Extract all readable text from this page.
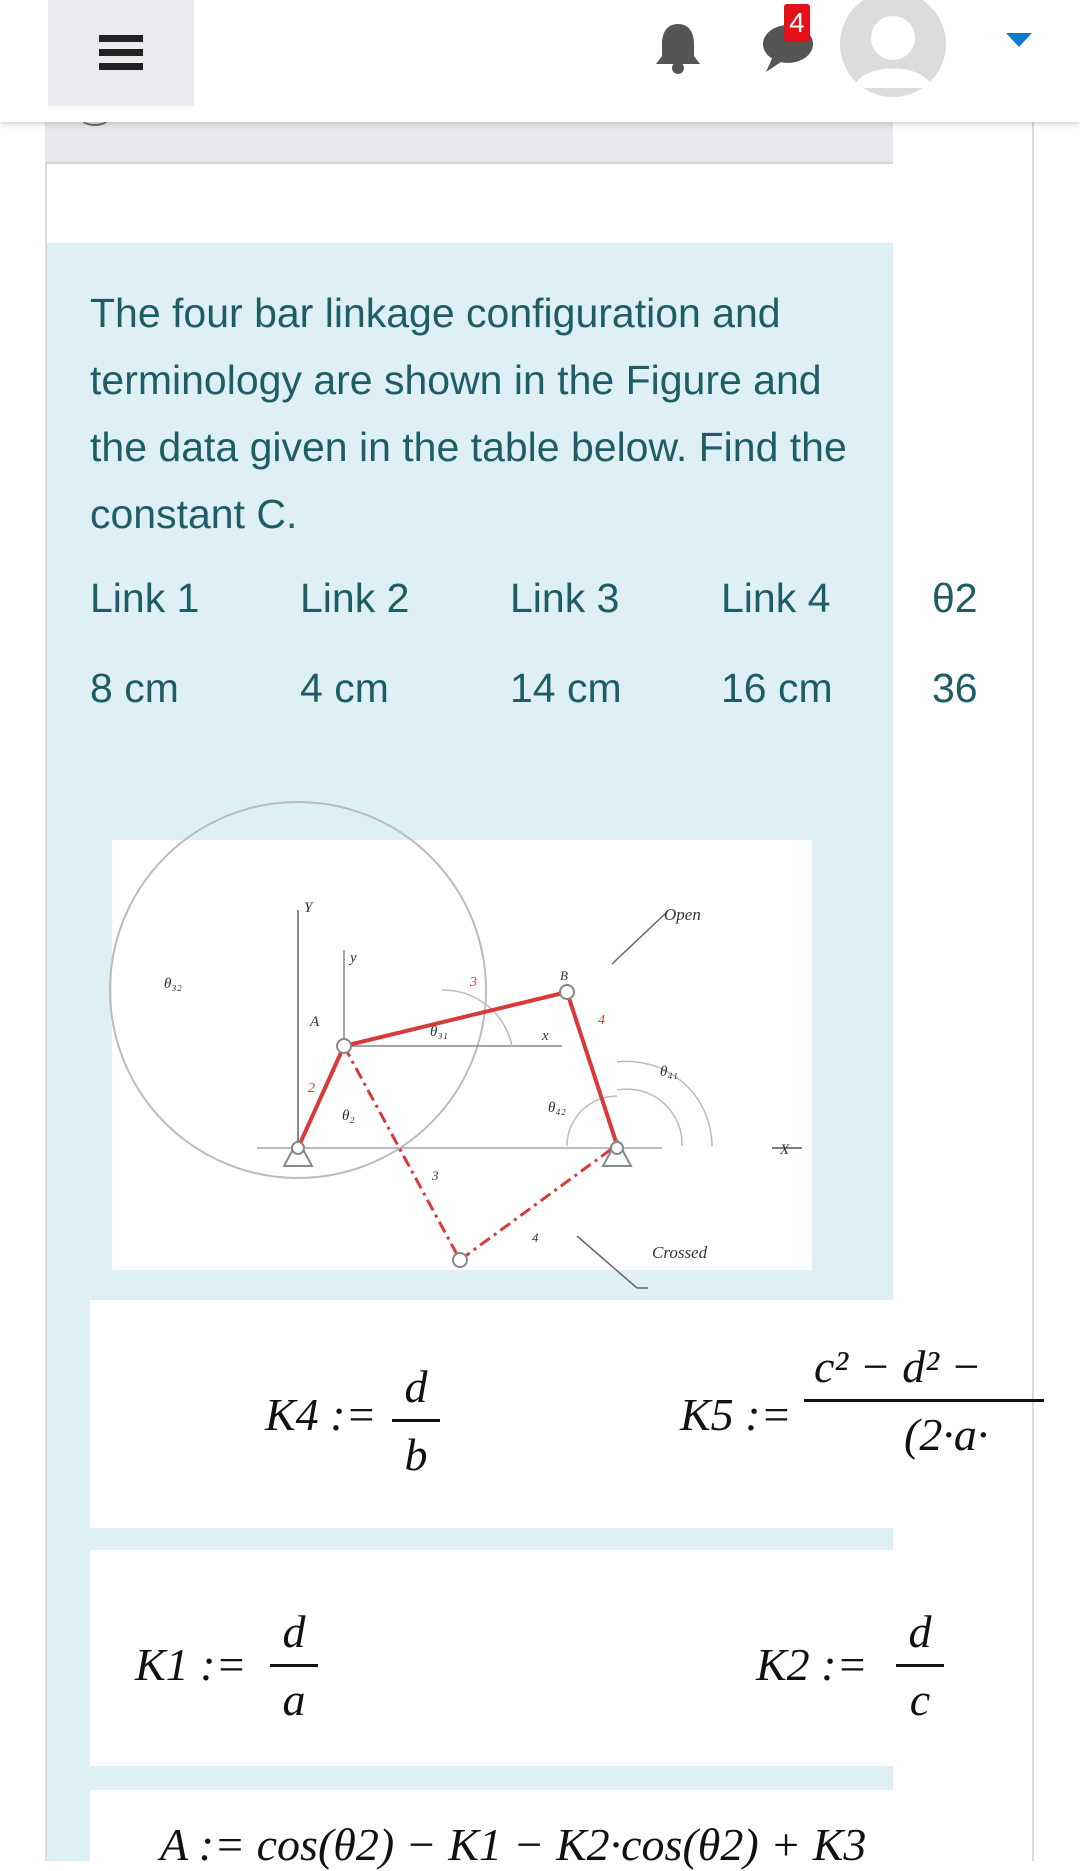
4
The four bar linkage configuration and terminology are shown in the Figure and the data given in the table below. Find the constant C.
Link 1 Link 2 Link 3 Link 4 θ2
8 cm	4 cm	14 cm 16 cm 36
Open
Crossed
Y
y
x
X
A
B
2
3
4
3
4
θ₂
θ₃₁
θ₃₂
θ₄₁
θ₄₂
K4 :=
d
b
K5 :=
c² − d² −
(2·a·
K1 :=
d
a
K2 :=
d
c
A := cos(θ2) − K1 − K2·cos(θ2) + K3
